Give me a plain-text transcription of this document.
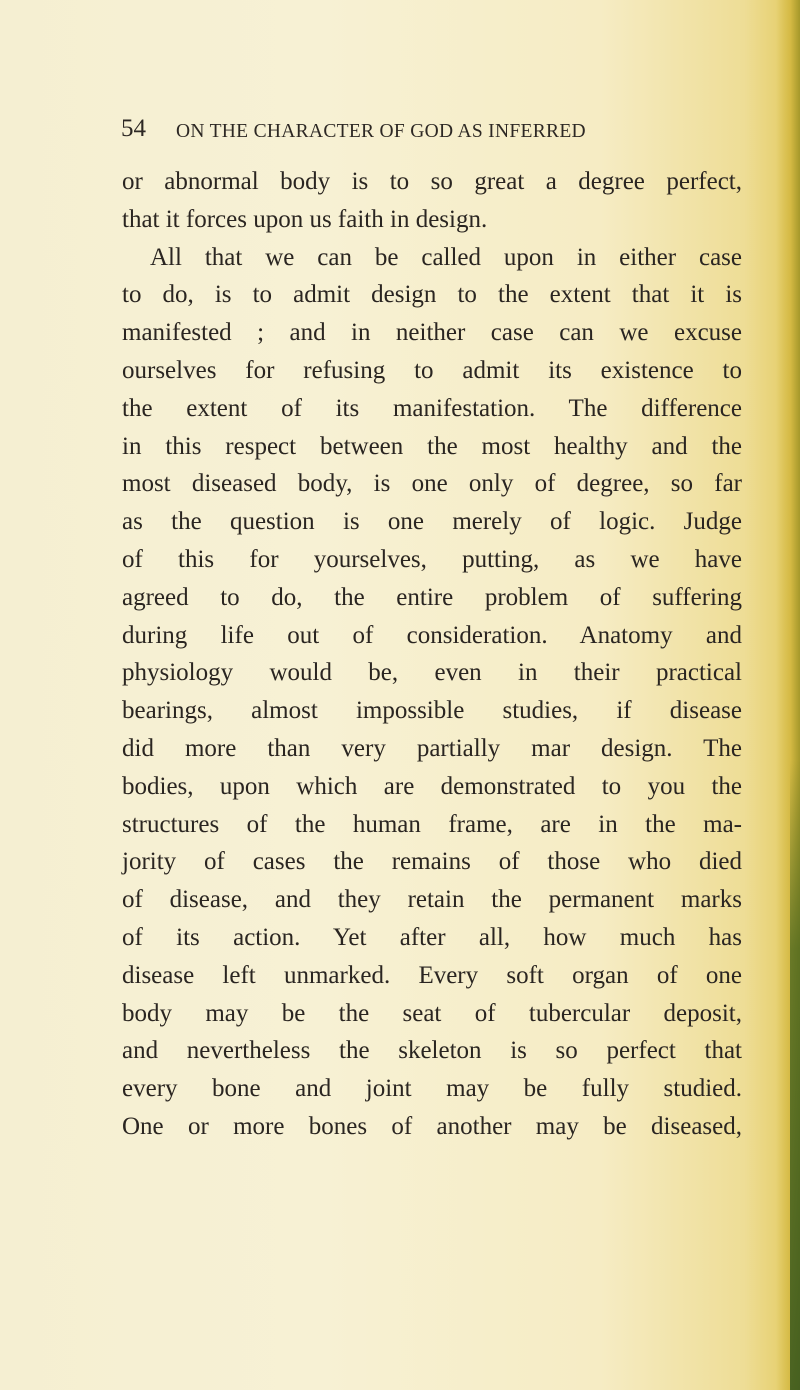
54 ON THE CHARACTER OF GOD AS INFERRED
or abnormal body is to so great a degree perfect,
that it forces upon us faith in design.
All that we can be called upon in either case
to do, is to admit design to the extent that it is
manifested ; and in neither case can we excuse
ourselves for refusing to admit its existence to
the extent of its manifestation. The difference
in this respect between the most healthy and the
most diseased body, is one only of degree, so far
as the question is one merely of logic. Judge
of this for yourselves, putting, as we have
agreed to do, the entire problem of suffering
during life out of consideration. Anatomy and
physiology would be, even in their practical
bearings, almost impossible studies, if disease
did more than very partially mar design. The
bodies, upon which are demonstrated to you the
structures of the human frame, are in the ma-
jority of cases the remains of those who died
of disease, and they retain the permanent marks
of its action. Yet after all, how much has
disease left unmarked. Every soft organ of one
body may be the seat of tubercular deposit,
and nevertheless the skeleton is so perfect that
every bone and joint may be fully studied.
One or more bones of another may be diseased,
